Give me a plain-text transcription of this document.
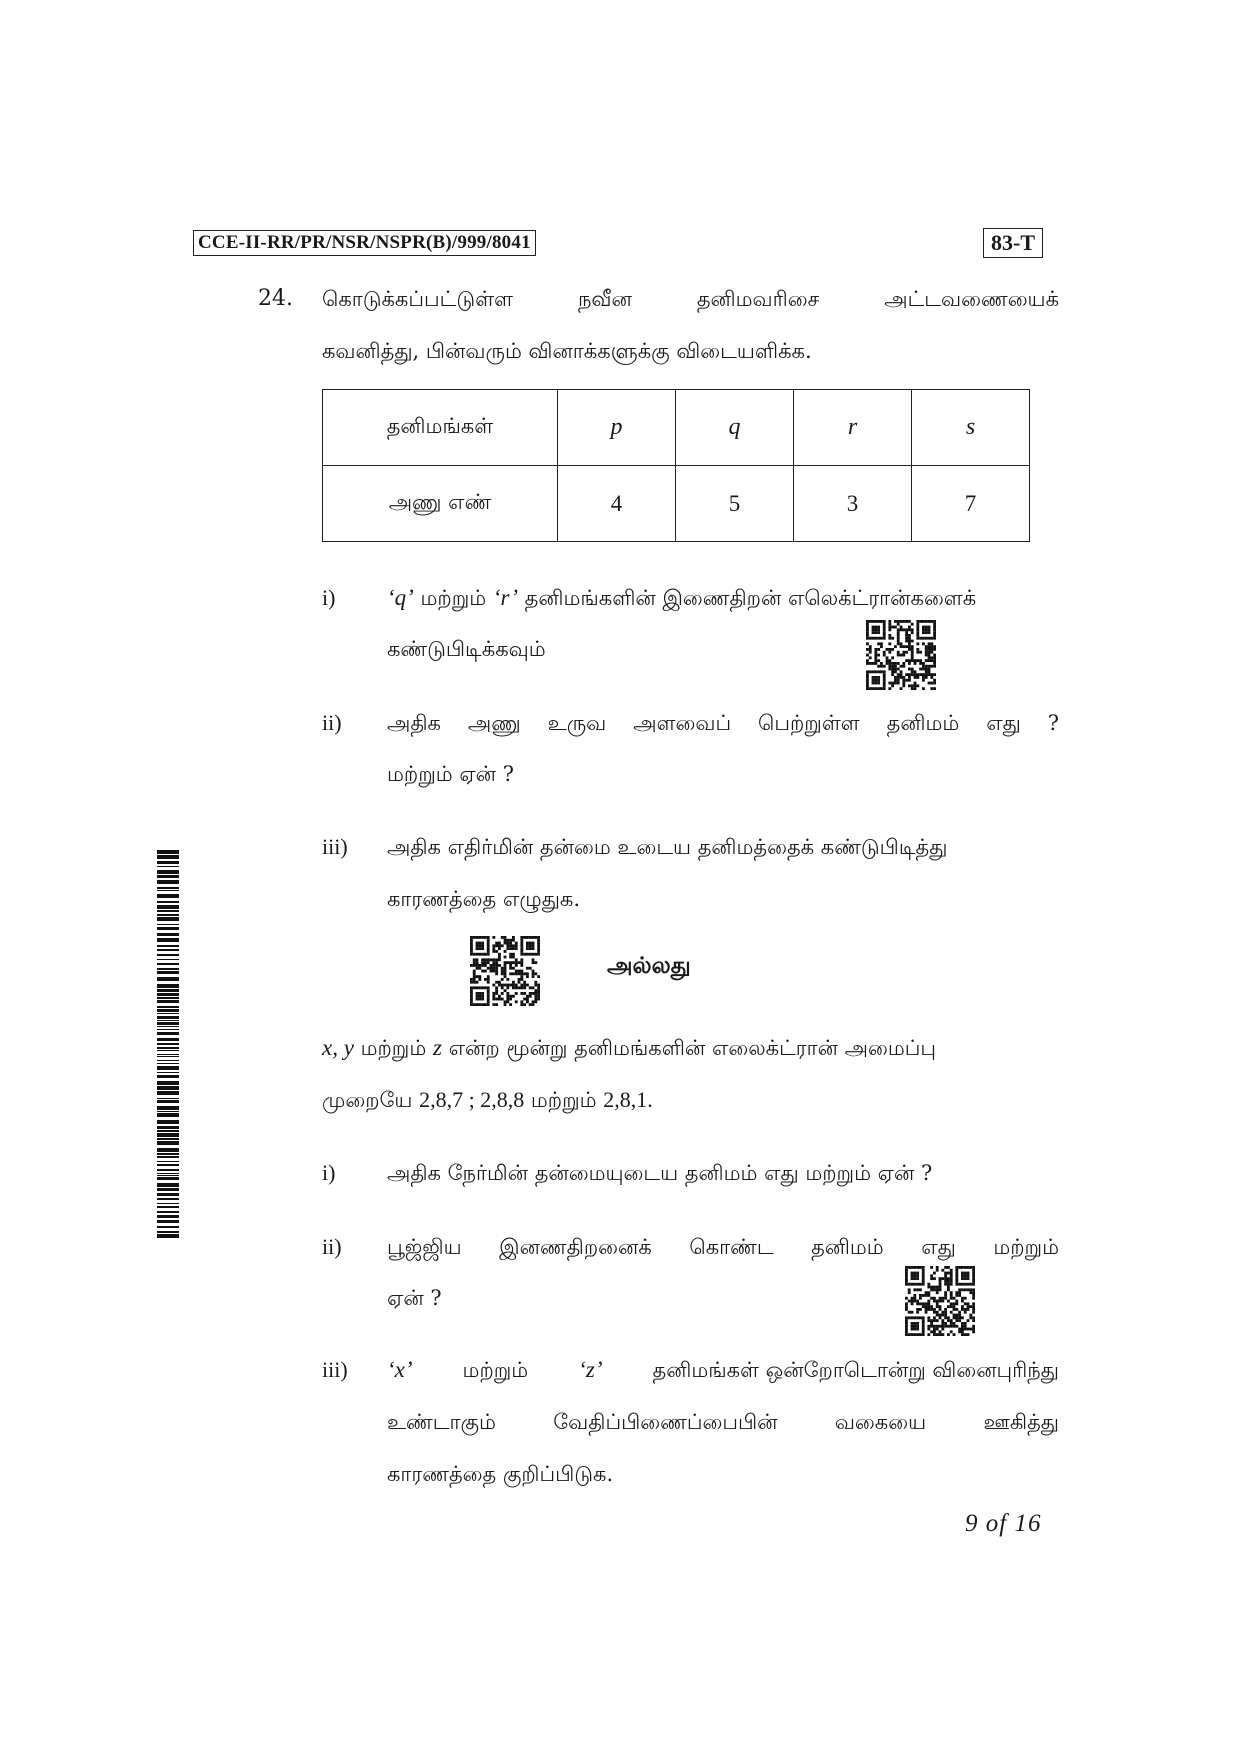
CCE-II-RR/PR/NSR/NSPR(B)/999/8041	83-T
24. கொடுக்கப்பட்டுள்ள நவீன தனிமவரிசை அட்டவணையைக்
கவனித்து, பின்வரும் வினாக்களுக்கு விடையளிக்க.
தனிமங்கள்	p	q	r	s
அணு எண்	4	5	3	7
i) ‘q’ மற்றும் ‘r’ தனிமங்களின் இணைதிறன் எலெக்ட்ரான்களைக்
கண்டுபிடிக்கவும்
ii) அதிக அணு உருவ அளவைப் பெற்றுள்ள தனிமம் எது ?
மற்றும் ஏன் ?
iii) அதிக எதிர்மின் தன்மை உடைய தனிமத்தைக் கண்டுபிடித்து
காரணத்தை எழுதுக.
அல்லது
x, y மற்றும் z என்ற மூன்று தனிமங்களின் எலைக்ட்ரான் அமைப்பு
முறையே 2,8,7 ; 2,8,8 மற்றும் 2,8,1.
i) அதிக நேர்மின் தன்மையுடைய தனிமம் எது மற்றும் ஏன் ?
ii) பூஜ்ஜிய இனணதிறனைக் கொண்ட தனிமம் எது மற்றும்
ஏன் ?
iii) ‘x’ மற்றும் ‘z’ தனிமங்கள் ஒன்றோடொன்று வினைபுரிந்து
உண்டாகும் வேதிப்பிணைப்பைபின் வகையை ஊகித்து
காரணத்தை குறிப்பிடுக.
9 of 16
